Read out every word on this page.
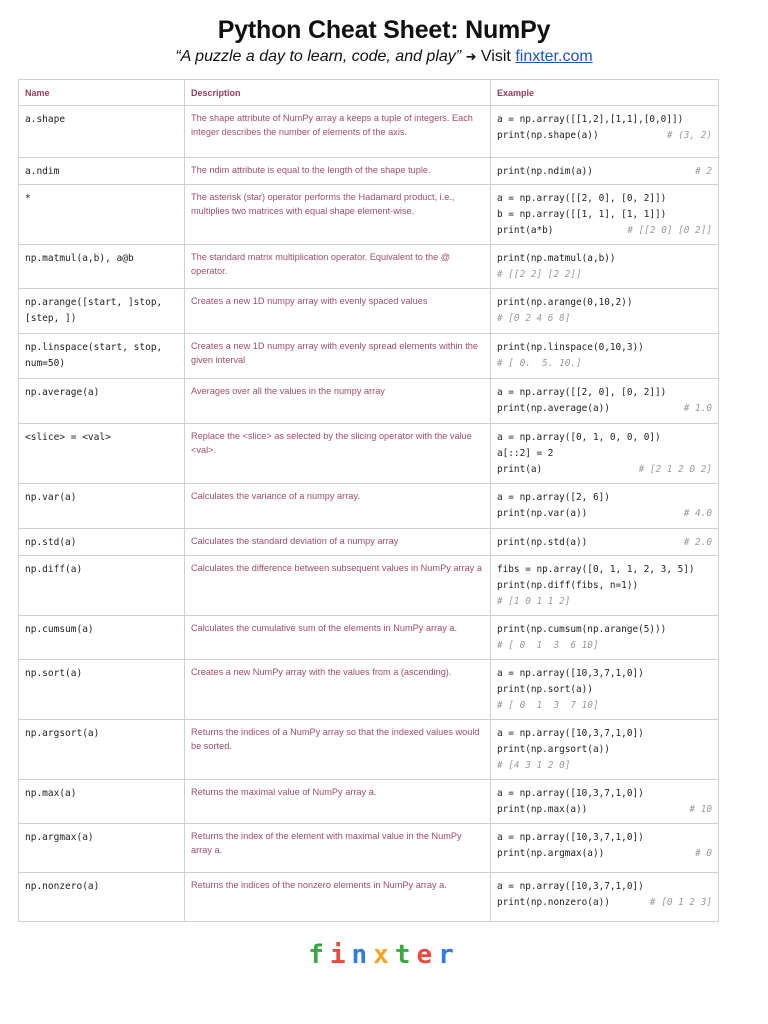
Python Cheat Sheet: NumPy
“A puzzle a day to learn, code, and play” ➜ Visit finxter.com
Name	Description	Example
a.shape	The shape attribute of NumPy array a keeps a tuple of integers. Each integer describes the number of elements of the axis.	a = np.array([[1,2],[1,1],[0,0]])
print(np.shape(a)) # (3, 2)

a.ndim	The ndim attribute is equal to the length of the shape tuple.	print(np.ndim(a)) # 2

*	The asterisk (star) operator performs the Hadamard product, i.e., multiplies two matrices with equal shape element-wise.	a = np.array([[2, 0], [0, 2]])
b = np.array([[1, 1], [1, 1]])
print(a*b) # [[2 0] [0 2]]

np.matmul(a,b), a@b	The standard matrix multiplication operator. Equivalent to the @ operator.	print(np.matmul(a,b))
# [[2 2] [2 2]]

np.arange([start, ]stop, [step, ])	Creates a new 1D numpy array with evenly spaced values	print(np.arange(0,10,2))
# [0 2 4 6 8]

np.linspace(start, stop, num=50)	Creates a new 1D numpy array with evenly spread elements within the given interval	print(np.linspace(0,10,3))
# [ 0.  5. 10.]

np.average(a)	Averages over all the values in the numpy array	a = np.array([[2, 0], [0, 2]])
print(np.average(a)) # 1.0

<slice> = <val>	Replace the <slice> as selected by the slicing operator with the value <val>.	a = np.array([0, 1, 0, 0, 0])
a[::2] = 2
print(a) # [2 1 2 0 2]

np.var(a)	Calculates the variance of a numpy array.	a = np.array([2, 6])
print(np.var(a)) # 4.0

np.std(a)	Calculates the standard deviation of a numpy array	print(np.std(a)) # 2.0

np.diff(a)	Calculates the difference between subsequent values in NumPy array a	fibs = np.array([0, 1, 1, 2, 3, 5])
print(np.diff(fibs, n=1))
# [1 0 1 1 2]

np.cumsum(a)	Calculates the cumulative sum of the elements in NumPy array a.	print(np.cumsum(np.arange(5)))
# [ 0  1  3  6 10]

np.sort(a)	Creates a new NumPy array with the values from a (ascending).	a = np.array([10,3,7,1,0])
print(np.sort(a))
# [ 0  1  3  7 10]

np.argsort(a)	Returns the indices of a NumPy array so that the indexed values would be sorted.	a = np.array([10,3,7,1,0])
print(np.argsort(a))
# [4 3 1 2 0]

np.max(a)	Returns the maximal value of NumPy array a.	a = np.array([10,3,7,1,0])
print(np.max(a)) # 10

np.argmax(a)	Returns the index of the element with maximal value in the NumPy array a.	a = np.array([10,3,7,1,0])
print(np.argmax(a)) # 0

np.nonzero(a)	Returns the indices of the nonzero elements in NumPy array a.	a = np.array([10,3,7,1,0])
print(np.nonzero(a)) # [0 1 2 3]
finxter
